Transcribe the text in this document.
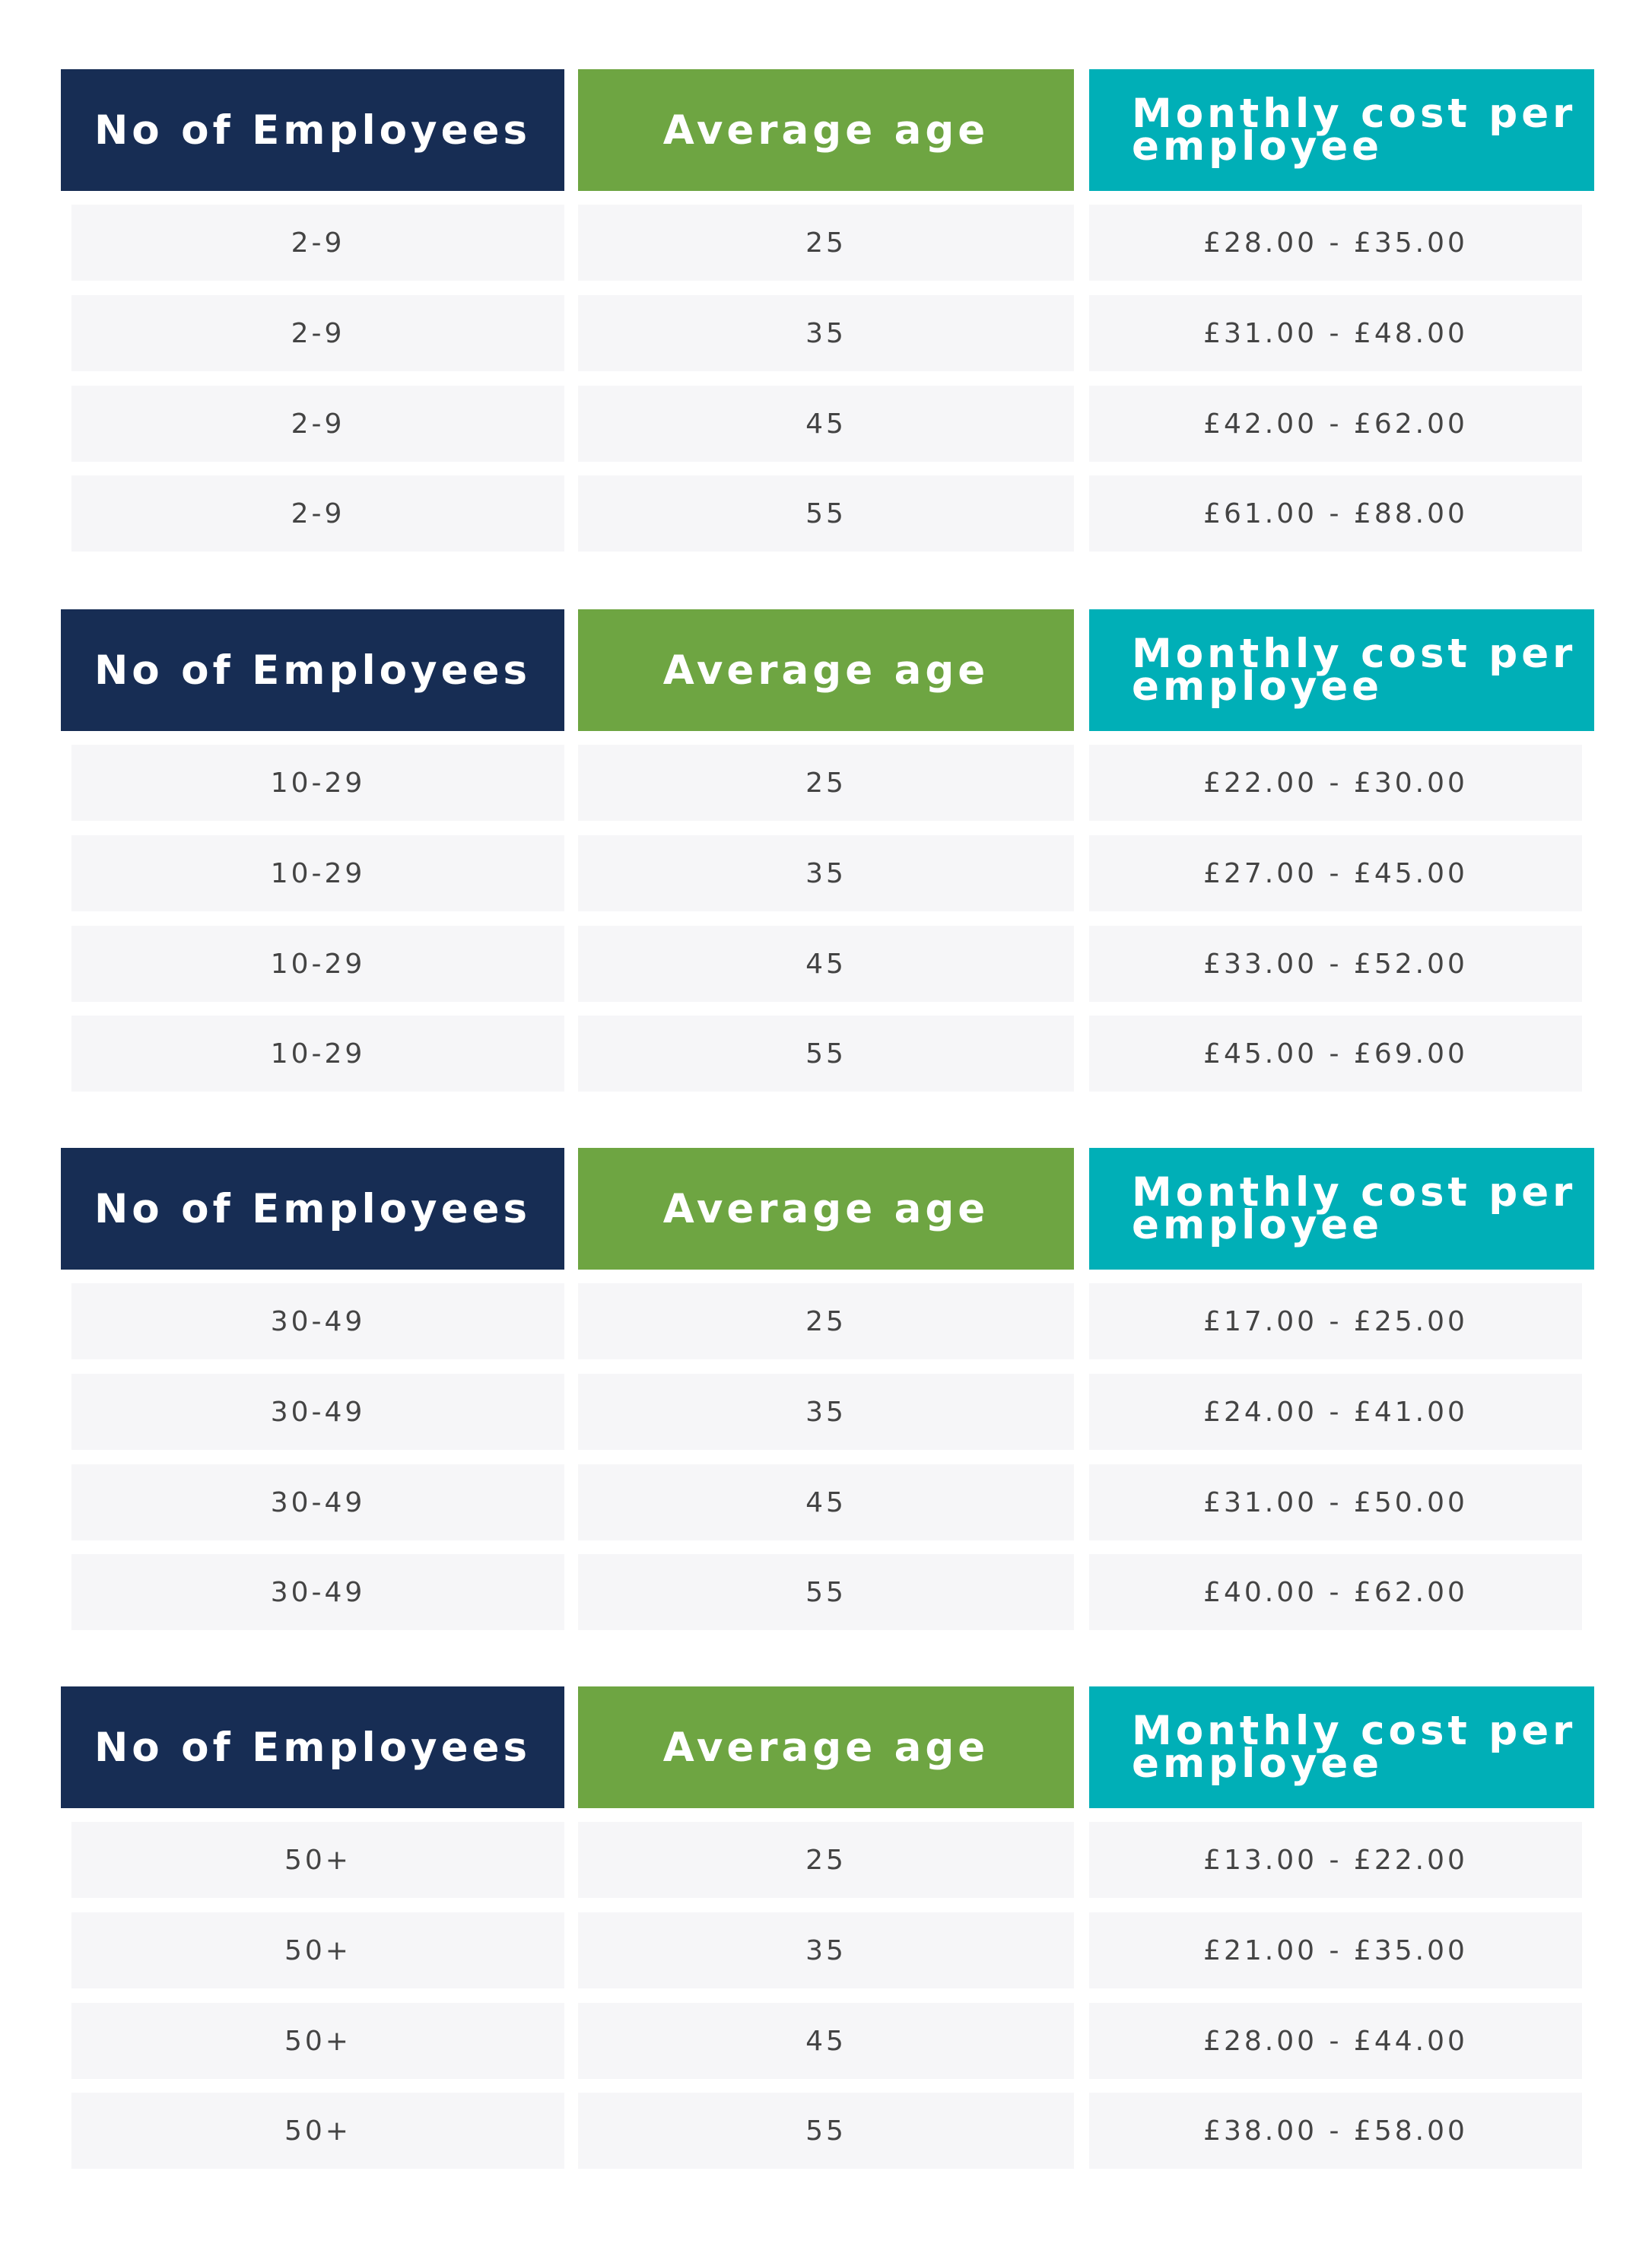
No of Employees	Average age	Monthly cost per employee
2-9	25	£28.00 - £35.00
2-9	35	£31.00 - £48.00
2-9	45	£42.00 - £62.00
2-9	55	£61.00 - £88.00
No of Employees	Average age	Monthly cost per employee
10-29	25	£22.00 - £30.00
10-29	35	£27.00 - £45.00
10-29	45	£33.00 - £52.00
10-29	55	£45.00 - £69.00
No of Employees	Average age	Monthly cost per employee
30-49	25	£17.00 - £25.00
30-49	35	£24.00 - £41.00
30-49	45	£31.00 - £50.00
30-49	55	£40.00 - £62.00
No of Employees	Average age	Monthly cost per employee
50+	25	£13.00 - £22.00
50+	35	£21.00 - £35.00
50+	45	£28.00 - £44.00
50+	55	£38.00 - £58.00
